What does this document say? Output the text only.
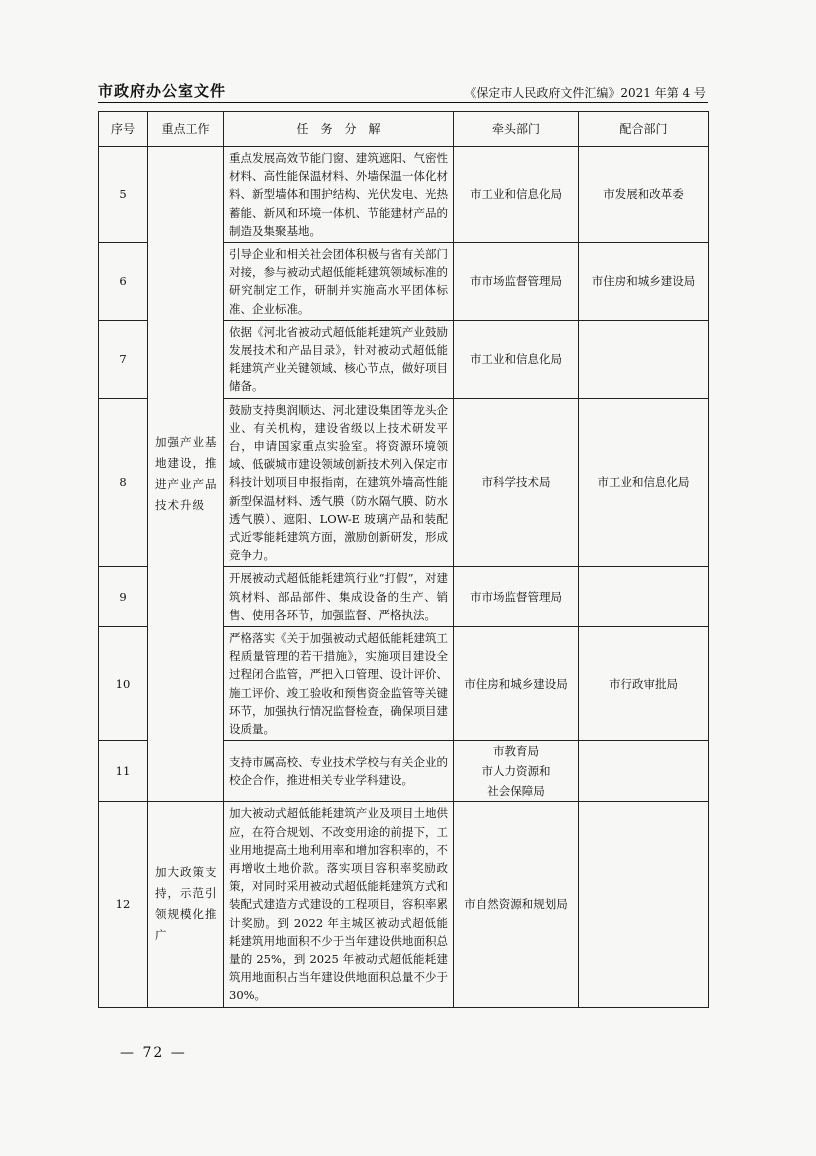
市政府办公室文件	《保定市人民政府文件汇编》2021 年第 4 号
序号	重点工作	任　务　分　解	牵头部门	配合部门
5	加强产业基地建设，推进产业产品技术升级	重点发展高效节能门窗、建筑遮阳、气密性材料、高性能保温材料、外墙保温一体化材料、新型墙体和围护结构、光伏发电、光热蓄能、新风和环境一体机、节能建材产品的制造及集聚基地。	市工业和信息化局	市发展和改革委
6		引导企业和相关社会团体积极与省有关部门对接，参与被动式超低能耗建筑领域标准的研究制定工作，研制并实施高水平团体标准、企业标准。	市市场监督管理局	市住房和城乡建设局
7		依据《河北省被动式超低能耗建筑产业鼓励发展技术和产品目录》，针对被动式超低能耗建筑产业关键领域、核心节点，做好项目储备。	市工业和信息化局	
8		鼓励支持奥润顺达、河北建设集团等龙头企业、有关机构，建设省级以上技术研发平台，申请国家重点实验室。将资源环境领域、低碳城市建设领域创新技术列入保定市科技计划项目申报指南，在建筑外墙高性能新型保温材料、透气膜（防水隔气膜、防水透气膜）、遮阳、LOW-E 玻璃产品和装配式近零能耗建筑方面，激励创新研发，形成竞争力。	市科学技术局	市工业和信息化局
9		开展被动式超低能耗建筑行业“打假”，对建筑材料、部品部件、集成设备的生产、销售、使用各环节，加强监督、严格执法。	市市场监督管理局	
10		严格落实《关于加强被动式超低能耗建筑工程质量管理的若干措施》，实施项目建设全过程闭合监管，严把入口管理、设计评价、施工评价、竣工验收和预售资金监管等关键环节，加强执行情况监督检查，确保项目建设质量。	市住房和城乡建设局	市行政审批局
11		支持市属高校、专业技术学校与有关企业的校企合作，推进相关专业学科建设。	市教育局
市人力资源和
社会保障局	

12	加大政策支持，示范引领规模化推广	加大被动式超低能耗建筑产业及项目土地供应，在符合规划、不改变用途的前提下，工业用地提高土地利用率和增加容积率的，不再增收土地价款。落实项目容积率奖励政策，对同时采用被动式超低能耗建筑方式和装配式建造方式建设的工程项目，容积率累计奖励。到 2022 年主城区被动式超低能耗建筑用地面积不少于当年建设供地面积总量的 25%，到 2025 年被动式超低能耗建筑用地面积占当年建设供地面积总量不少于 30%。	市自然资源和规划局	
— 72 —
